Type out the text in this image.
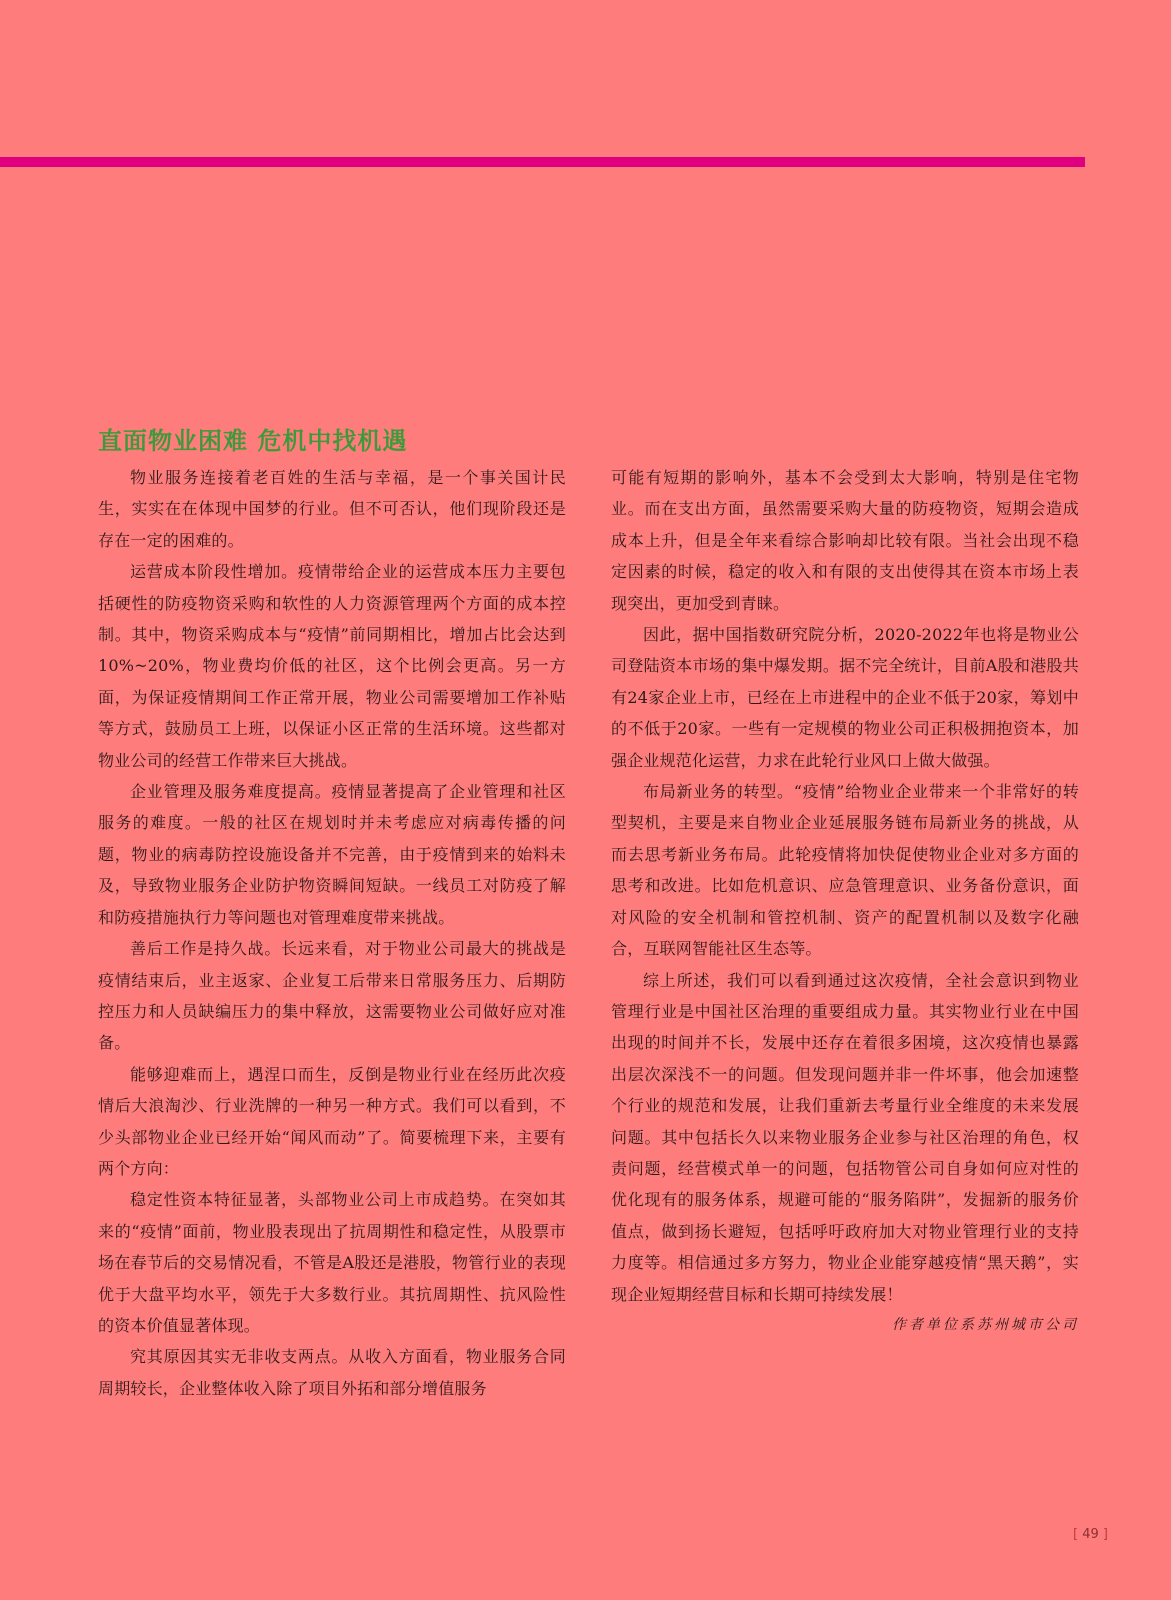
直面物业困难 危机中找机遇

物业服务连接着老百姓的生活与幸福，是一个事关国计民生，实实在在体现中国梦的行业。但不可否认，他们现阶段还是存在一定的困难的。

运营成本阶段性增加。疫情带给企业的运营成本压力主要包括硬性的防疫物资采购和软性的人力资源管理两个方面的成本控制。其中，物资采购成本与“疫情”前同期相比，增加占比会达到10%~20%，物业费均价低的社区，这个比例会更高。另一方面，为保证疫情期间工作正常开展，物业公司需要增加工作补贴等方式，鼓励员工上班，以保证小区正常的生活环境。这些都对物业公司的经营工作带来巨大挑战。

企业管理及服务难度提高。疫情显著提高了企业管理和社区服务的难度。一般的社区在规划时并未考虑应对病毒传播的问题，物业的病毒防控设施设备并不完善，由于疫情到来的始料未及，导致物业服务企业防护物资瞬间短缺。一线员工对防疫了解和防疫措施执行力等问题也对管理难度带来挑战。

善后工作是持久战。长远来看，对于物业公司最大的挑战是疫情结束后，业主返家、企业复工后带来日常服务压力、后期防控压力和人员缺编压力的集中释放，这需要物业公司做好应对准备。

能够迎难而上，遇涅口而生，反倒是物业行业在经历此次疫情后大浪淘沙、行业洗牌的一种另一种方式。我们可以看到，不少头部物业企业已经开始“闻风而动”了。简要梳理下来，主要有两个方向：

稳定性资本特征显著，头部物业公司上市成趋势。在突如其来的“疫情”面前，物业股表现出了抗周期性和稳定性，从股票市场在春节后的交易情况看，不管是A股还是港股，物管行业的表现优于大盘平均水平，领先于大多数行业。其抗周期性、抗风险性的资本价值显著体现。

究其原因其实无非收支两点。从收入方面看，物业服务合同周期较长，企业整体收入除了项目外拓和部分增值服务

可能有短期的影响外，基本不会受到太大影响，特别是住宅物业。而在支出方面，虽然需要采购大量的防疫物资，短期会造成成本上升，但是全年来看综合影响却比较有限。当社会出现不稳定因素的时候，稳定的收入和有限的支出使得其在资本市场上表现突出，更加受到青睐。

因此，据中国指数研究院分析，2020-2022年也将是物业公司登陆资本市场的集中爆发期。据不完全统计，目前A股和港股共有24家企业上市，已经在上市进程中的企业不低于20家，筹划中的不低于20家。一些有一定规模的物业公司正积极拥抱资本，加强企业规范化运营，力求在此轮行业风口上做大做强。

布局新业务的转型。“疫情”给物业企业带来一个非常好的转型契机，主要是来自物业企业延展服务链布局新业务的挑战，从而去思考新业务布局。此轮疫情将加快促使物业企业对多方面的思考和改进。比如危机意识、应急管理意识、业务备份意识，面对风险的安全机制和管控机制、资产的配置机制以及数字化融合，互联网智能社区生态等。

综上所述，我们可以看到通过这次疫情，全社会意识到物业管理行业是中国社区治理的重要组成力量。其实物业行业在中国出现的时间并不长，发展中还存在着很多困境，这次疫情也暴露出层次深浅不一的问题。但发现问题并非一件坏事，他会加速整个行业的规范和发展，让我们重新去考量行业全维度的未来发展问题。其中包括长久以来物业服务企业参与社区治理的角色，权责问题，经营模式单一的问题，包括物管公司自身如何应对性的优化现有的服务体系，规避可能的“服务陷阱”，发掘新的服务价值点，做到扬长避短，包括呼吁政府加大对物业管理行业的支持力度等。相信通过多方努力，物业企业能穿越疫情“黑天鹅”，实现企业短期经营目标和长期可持续发展！

作者单位系苏州城市公司

[ 49 ]
